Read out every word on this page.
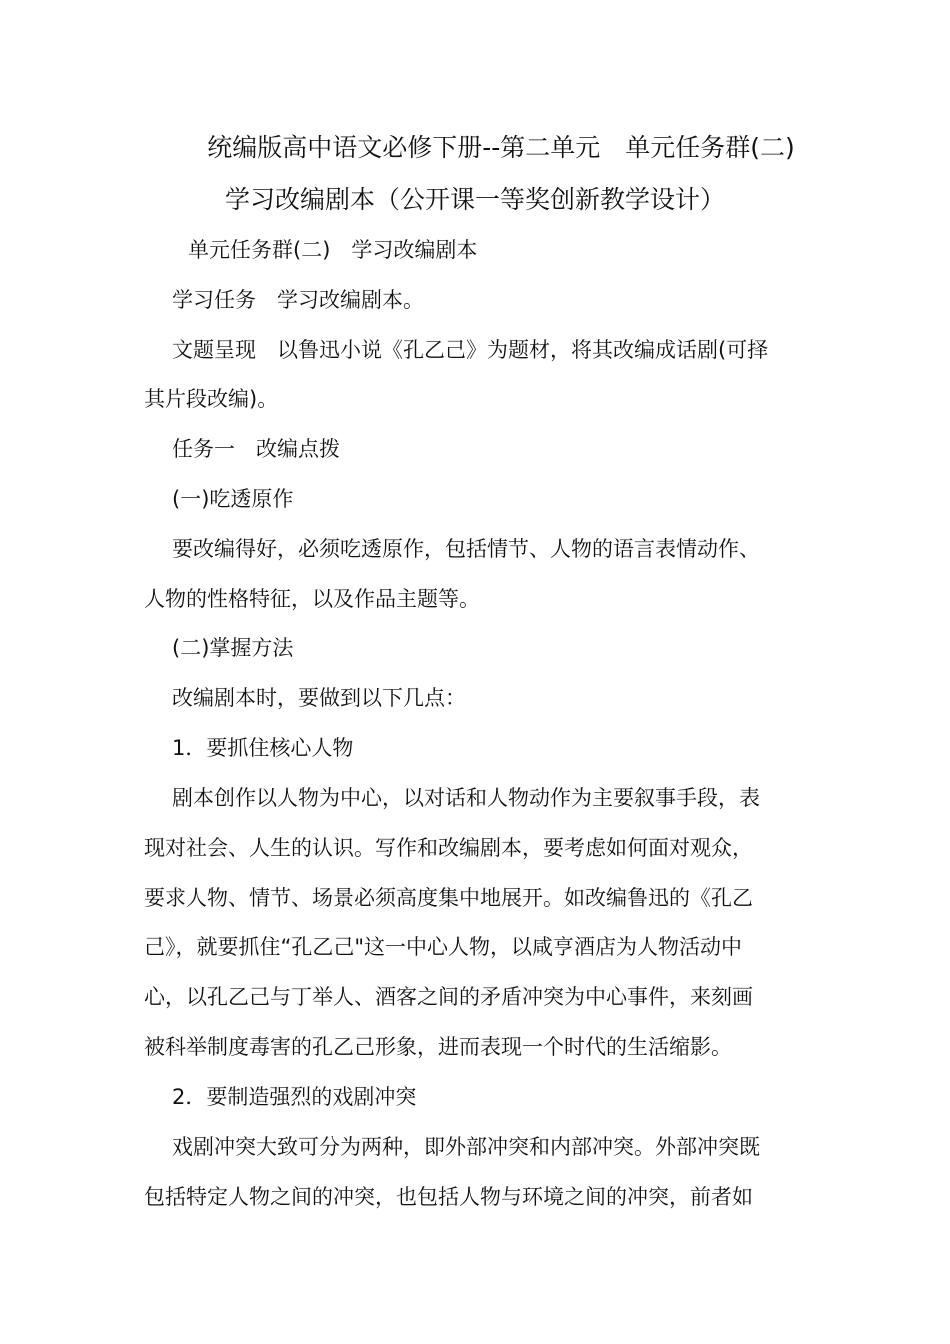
统编版高中语文必修下册--第二单元　单元任务群(二)
学习改编剧本（公开课一等奖创新教学设计）
单元任务群(二)　学习改编剧本
学习任务　学习改编剧本。
文题呈现　以鲁迅小说《孔乙己》为题材，将其改编成话剧(可择
其片段改编)。
任务一　改编点拨
(一)吃透原作
要改编得好，必须吃透原作，包括情节、人物的语言表情动作、
人物的性格特征，以及作品主题等。
(二)掌握方法
改编剧本时，要做到以下几点：
1．要抓住核心人物
剧本创作以人物为中心，以对话和人物动作为主要叙事手段，表
现对社会、人生的认识。写作和改编剧本，要考虑如何面对观众，
要求人物、情节、场景必须高度集中地展开。如改编鲁迅的《孔乙
己》，就要抓住“孔乙己"这一中心人物，以咸亨酒店为人物活动中
心，以孔乙己与丁举人、酒客之间的矛盾冲突为中心事件，来刻画
被科举制度毒害的孔乙己形象，进而表现一个时代的生活缩影。
2．要制造强烈的戏剧冲突
戏剧冲突大致可分为两种，即外部冲突和内部冲突。外部冲突既
包括特定人物之间的冲突，也包括人物与环境之间的冲突，前者如
